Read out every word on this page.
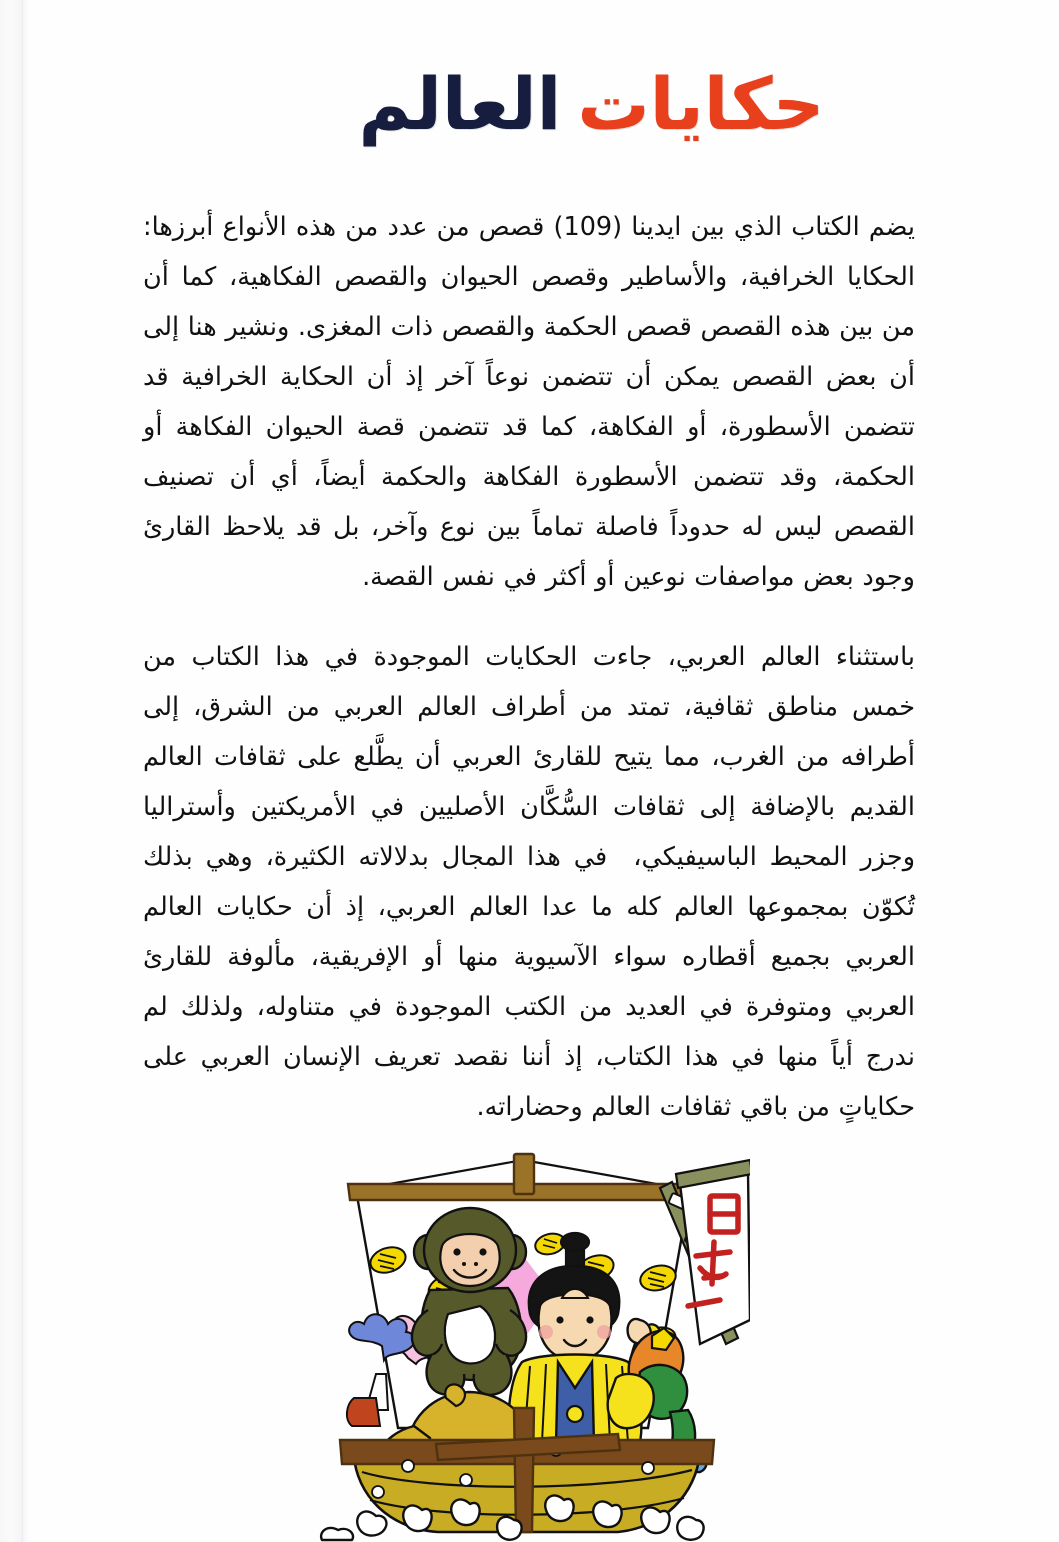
حكاياتالعالم

يضم الكتاب الذي بين ايدينا (109) قصص من عدد من هذه الأنواع أبرزها: الحكايا الخرافية، والأساطير وقصص الحيوان والقصص الفكاهية، كما أن من بين هذه القصص قصص الحكمة والقصص ذات المغزى. ونشير هنا إلى أن بعض القصص يمكن أن تتضمن نوعاً آخر إذ أن الحكاية الخرافية قد تتضمن الأسطورة، أو الفكاهة، كما قد تتضمن قصة الحيوان الفكاهة أو الحكمة، وقد تتضمن الأسطورة الفكاهة والحكمة أيضاً، أي أن تصنيف القصص ليس له حدوداً فاصلة تماماً بين نوع وآخر، بل قد يلاحظ القارئ وجود بعض مواصفات نوعين أو أكثر في نفس القصة.

باستثناء العالم العربي، جاءت الحكايات الموجودة في هذا الكتاب من خمس مناطق ثقافية، تمتد من أطراف العالم العربي من الشرق، إلى أطرافه من الغرب، مما يتيح للقارئ العربي أن يطَّلع على ثقافات العالم القديم بالإضافة إلى ثقافات السُّكَّان الأصليين في الأمريكتين وأستراليا وجزر المحيط الباسيفيكي،في هذا المجال بدلالاته الكثيرة، وهي بذلك تُكوّن بمجموعها العالم كله ما عدا العالم العربي، إذ أن حكايات العالم العربي بجميع أقطاره سواء الآسيوية منها أو الإفريقية، مألوفة للقارئ العربي ومتوفرة في العديد من الكتب الموجودة في متناوله، ولذلك لم ندرج أياً منها في هذا الكتاب، إذ أننا نقصد تعريف الإنسان العربي على حكاياتٍ من باقي ثقافات العالم وحضاراته.
